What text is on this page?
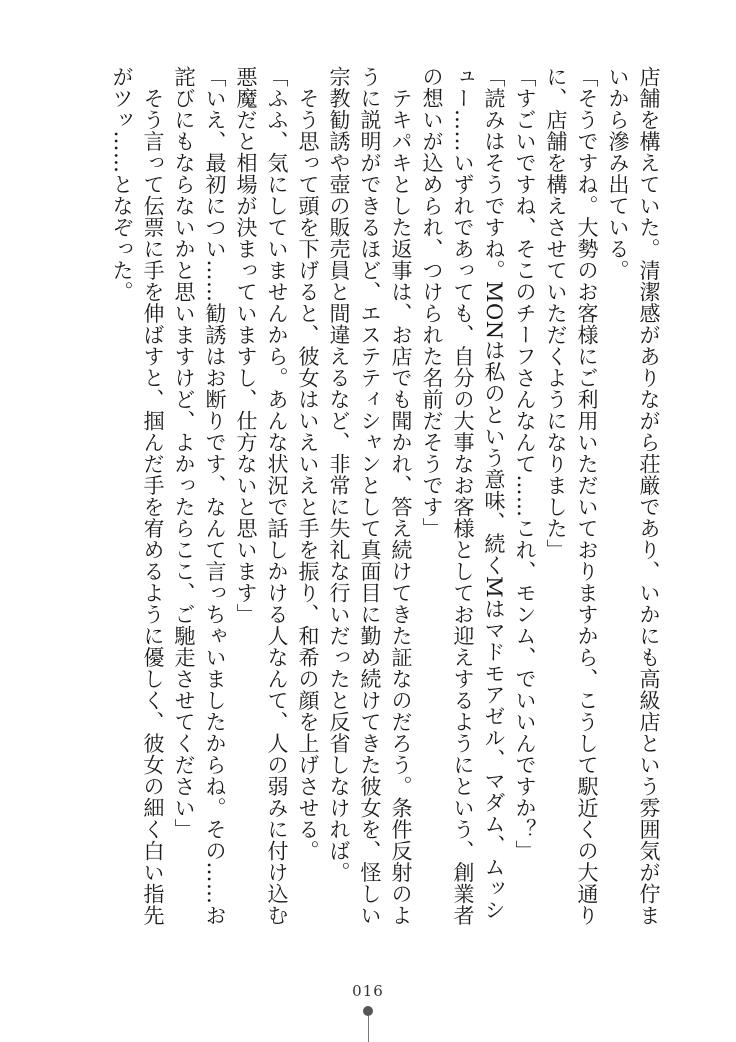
店舗を構えていた。清潔感がありながら荘厳であり、いかにも高級店という雰囲気が佇ま
いから滲み出ている。
「そうですね。大勢のお客様にご利用いただいておりますから、こうして駅近くの大通り
に、店舗を構えさせていただくようになりました」
「すごいですね、そこのチーフさんなんて……これ、モンム、でいいんですか？」
「読みはそうですね。MONは私のという意味、続くMはマドモアゼル、マダム、ムッシ
ュー……いずれであっても、自分の大事なお客様としてお迎えするようにという、創業者
の想いが込められ、つけられた名前だそうです」
　テキパキとした返事は、お店でも聞かれ、答え続けてきた証なのだろう。条件反射のよ
うに説明ができるほど、エステティシャンとして真面目に勤め続けてきた彼女を、怪しい
宗教勧誘や壺の販売員と間違えるなど、非常に失礼な行いだったと反省しなければ。
　そう思って頭を下げると、彼女はいえいえと手を振り、和希の顔を上げさせる。
「ふふ、気にしていませんから。あんな状況で話しかける人なんて、人の弱みに付け込む
悪魔だと相場が決まっていますし、仕方ないと思います」
「いえ、最初につい……勧誘はお断りです、なんて言っちゃいましたからね。その……お
詫びにもならないかと思いますけど、よかったらここ、ご馳走させてください」
　そう言って伝票に手を伸ばすと、掴んだ手を宥めるように優しく、彼女の細く白い指先
がツッ……となぞった。
016
